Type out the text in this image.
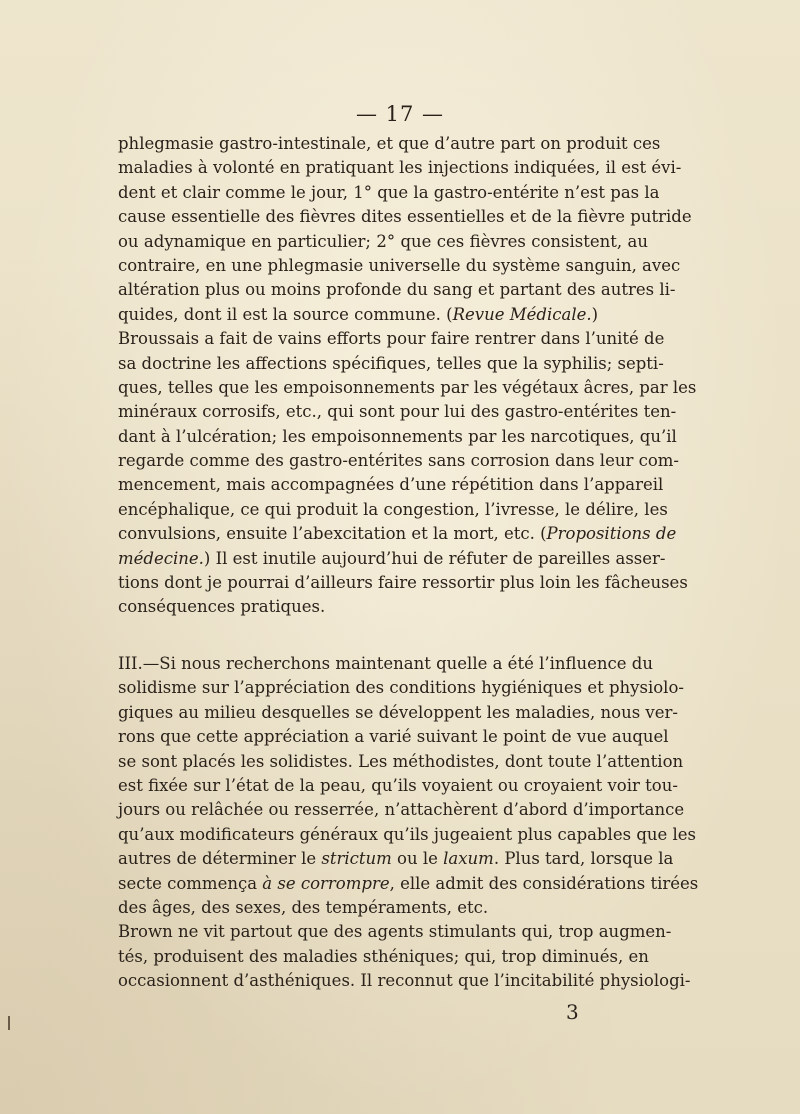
— 17 —
phlegmasie gastro-intestinale, et que d’autre part on produit ces
maladies à volonté en pratiquant les injections indiquées, il est évi-
dent et clair comme le jour, 1° que la gastro-entérite n’est pas la
cause essentielle des fièvres dites essentielles et de la fièvre putride
ou adynamique en particulier; 2° que ces fièvres consistent, au
contraire, en une phlegmasie universelle du système sanguin, avec
altération plus ou moins profonde du sang et partant des autres li-
quides, dont il est la source commune. (Revue Médicale.)
Broussais a fait de vains efforts pour faire rentrer dans l’unité de
sa doctrine les affections spécifiques, telles que la syphilis; septi-
ques, telles que les empoisonnements par les végétaux âcres, par les
minéraux corrosifs, etc., qui sont pour lui des gastro-entérites ten-
dant à l’ulcération; les empoisonnements par les narcotiques, qu’il
regarde comme des gastro-entérites sans corrosion dans leur com-
mencement, mais accompagnées d’une répétition dans l’appareil
encéphalique, ce qui produit la congestion, l’ivresse, le délire, les
convulsions, ensuite l’abexcitation et la mort, etc. (Propositions de
médecine.) Il est inutile aujourd’hui de réfuter de pareilles asser-
tions dont je pourrai d’ailleurs faire ressortir plus loin les fâcheuses
conséquences pratiques.
III.—Si nous recherchons maintenant quelle a été l’influence du
solidisme sur l’appréciation des conditions hygiéniques et physiolo-
giques au milieu desquelles se développent les maladies, nous ver-
rons que cette appréciation a varié suivant le point de vue auquel
se sont placés les solidistes. Les méthodistes, dont toute l’attention
est fixée sur l’état de la peau, qu’ils voyaient ou croyaient voir tou-
jours ou relâchée ou resserrée, n’attachèrent d’abord d’importance
qu’aux modificateurs généraux qu’ils jugeaient plus capables que les
autres de déterminer le strictum ou le laxum. Plus tard, lorsque la
secte commença à se corrompre, elle admit des considérations tirées
des âges, des sexes, des tempéraments, etc.
Brown ne vit partout que des agents stimulants qui, trop augmen-
tés, produisent des maladies sthéniques; qui, trop diminués, en
occasionnent d’asthéniques. Il reconnut que l’incitabilité physiologi-
3
